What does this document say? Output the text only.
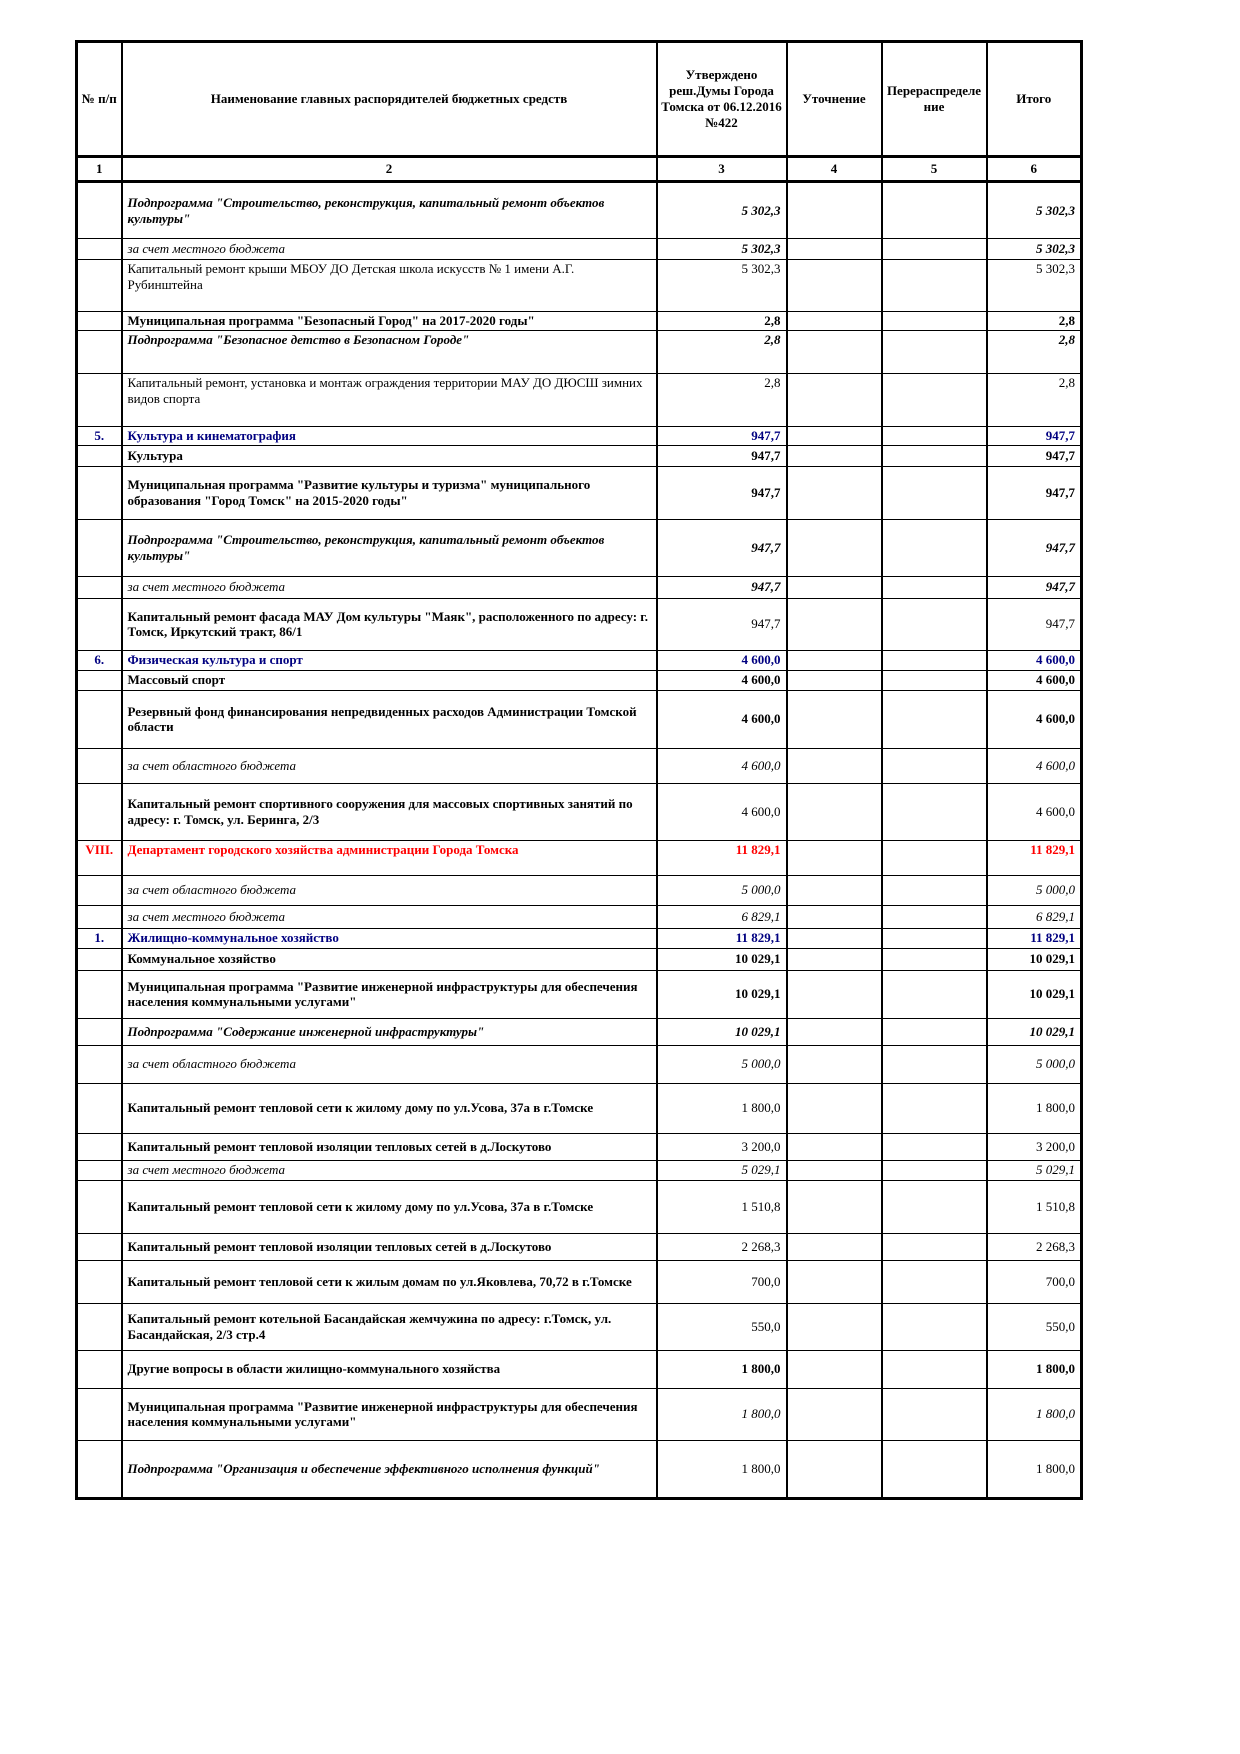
№ п/п	Наименование главных распорядителей бюджетных средств	Утверждено реш.Думы Города Томска от 06.12.2016 №422	Уточнение	Перераспределение	Итого
1	2	3	4	5	6
	Подпрограмма "Строительство, реконструкция, капитальный ремонт объектов культуры"	5 302,3			5 302,3
	за счет местного бюджета	5 302,3			5 302,3
	Капитальный ремонт крыши МБОУ ДО Детская школа искусств № 1 имени А.Г. Рубинштейна	5 302,3			5 302,3
	Муниципальная программа "Безопасный Город" на 2017-2020 годы"	2,8			2,8
	Подпрограмма "Безопасное детство в Безопасном Городе"	2,8			2,8
	Капитальный ремонт, установка и монтаж ограждения территории МАУ ДО ДЮСШ зимних видов спорта	2,8			2,8
5.	Культура и кинематография	947,7			947,7
	Культура	947,7			947,7
	Муниципальная программа "Развитие культуры и туризма" муниципального образования "Город Томск" на 2015-2020 годы"	947,7			947,7
	Подпрограмма "Строительство, реконструкция, капитальный ремонт объектов культуры"	947,7			947,7
	за счет местного бюджета	947,7			947,7
	Капитальный ремонт фасада МАУ Дом культуры "Маяк", расположенного по адресу: г. Томск, Иркутский тракт, 86/1	947,7			947,7
6.	Физическая культура и спорт	4 600,0			4 600,0
	Массовый спорт	4 600,0			4 600,0
	Резервный фонд финансирования непредвиденных расходов Администрации Томской области	4 600,0			4 600,0
	за счет областного бюджета	4 600,0			4 600,0
	Капитальный ремонт спортивного сооружения для массовых спортивных занятий по адресу: г. Томск, ул. Беринга, 2/3	4 600,0			4 600,0
VIII.	Департамент городского хозяйства администрации Города Томска	11 829,1			11 829,1
	за счет областного бюджета	5 000,0			5 000,0
	за счет местного бюджета	6 829,1			6 829,1
1.	Жилищно-коммунальное хозяйство	11 829,1			11 829,1
	Коммунальное хозяйство	10 029,1			10 029,1
	Муниципальная программа "Развитие инженерной инфраструктуры для обеспечения населения коммунальными услугами"	10 029,1			10 029,1
	Подпрограмма "Содержание инженерной инфраструктуры"	10 029,1			10 029,1
	за счет областного бюджета	5 000,0			5 000,0
	Капитальный ремонт тепловой сети к жилому дому по ул.Усова, 37а в г.Томске	1 800,0			1 800,0
	Капитальный ремонт тепловой изоляции тепловых сетей в д.Лоскутово	3 200,0			3 200,0
	за счет местного бюджета	5 029,1			5 029,1
	Капитальный ремонт тепловой сети к жилому дому по ул.Усова, 37а в г.Томске	1 510,8			1 510,8
	Капитальный ремонт тепловой изоляции тепловых сетей в д.Лоскутово	2 268,3			2 268,3
	Капитальный ремонт тепловой сети к жилым домам по ул.Яковлева, 70,72 в г.Томске	700,0			700,0
	Капитальный ремонт котельной Басандайская жемчужина по адресу: г.Томск, ул. Басандайская, 2/3 стр.4	550,0			550,0
	Другие вопросы в области жилищно-коммунального хозяйства	1 800,0			1 800,0
	Муниципальная программа "Развитие инженерной инфраструктуры для обеспечения населения коммунальными услугами"	1 800,0			1 800,0
	Подпрограмма "Организация и обеспечение эффективного исполнения функций"	1 800,0			1 800,0
